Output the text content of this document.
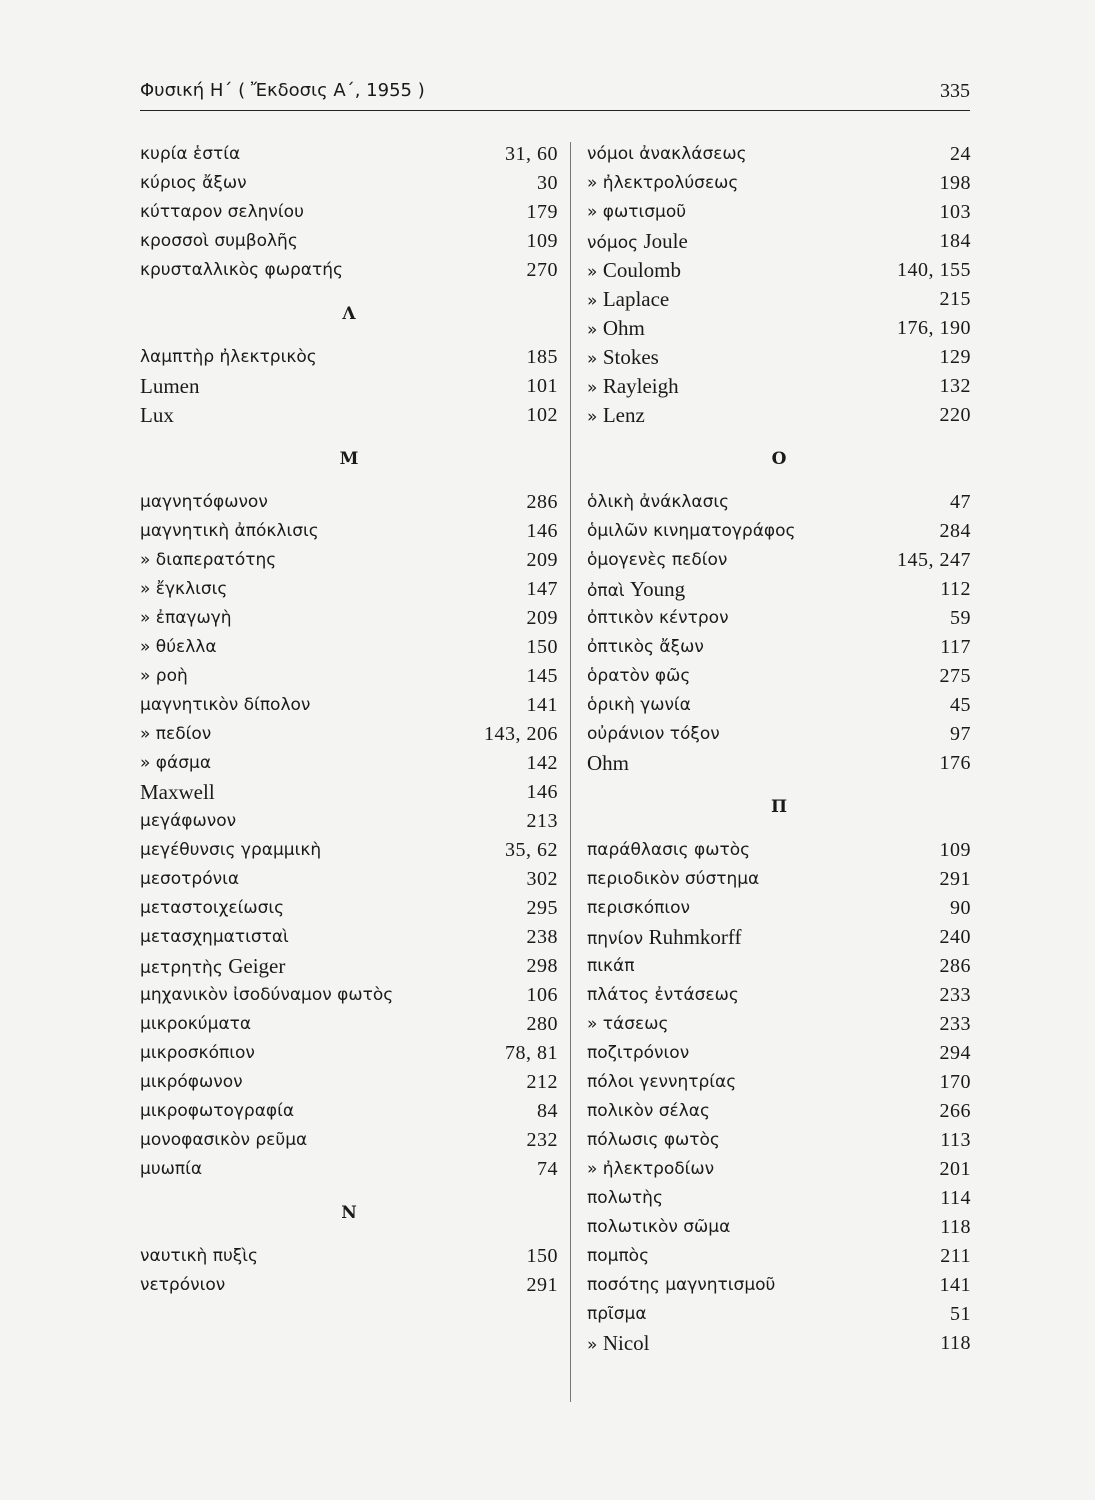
Φυσική Η΄ ( Ἔκδοσις Α΄, 1955 )	335
κυρία ἑστία	31, 60
κύριος ἄξων	30
κύτταρον σεληνίου	179
κροσσοὶ συμβολῆς	109
κρυσταλλικὸς φωρατής	270
Λ
λαμπτὴρ ἠλεκτρικὸς	185
Lumen	101
Lux	102
Μ
μαγνητόφωνον	286
μαγνητικὴ ἀπόκλισις	146
» διαπερατότης	209
» ἔγκλισις	147
» ἐπαγωγὴ	209
» θύελλα	150
» ροὴ	145
μαγνητικὸν δίπολον	141
» πεδίον	143, 206
» φάσμα	142
Maxwell	146
μεγάφωνον	213
μεγέθυνσις γραμμικὴ	35, 62
μεσοτρόνια	302
μεταστοιχείωσις	295
μετασχηματισταὶ	238
μετρητὴς Geiger	298
μηχανικὸν ἰσοδύναμον φωτὸς	106
μικροκύματα	280
μικροσκόπιον	78, 81
μικρόφωνον	212
μικροφωτογραφία	84
μονοφασικὸν ρεῦμα	232
μυωπία	74
Ν
ναυτικὴ πυξὶς	150
νετρόνιον	291
νόμοι ἀνακλάσεως	24
» ἠλεκτρολύσεως	198
» φωτισμοῦ	103
νόμος Joule	184
» Coulomb	140, 155
» Laplace	215
» Ohm	176, 190
» Stokes	129
» Rayleigh	132
» Lenz	220
Ο
ὁλικὴ ἀνάκλασις	47
ὁμιλῶν κινηματογράφος	284
ὁμογενὲς πεδίον	145, 247
ὀπαὶ Young	112
ὀπτικὸν κέντρον	59
ὀπτικὸς ἄξων	117
ὁρατὸν φῶς	275
ὁρικὴ γωνία	45
οὐράνιον τόξον	97
Ohm	176
Π
παράθλασις φωτὸς	109
περιοδικὸν σύστημα	291
περισκόπιον	90
πηνίον Ruhmkorff	240
πικάπ	286
πλάτος ἐντάσεως	233
» τάσεως	233
ποζιτρόνιον	294
πόλοι γεννητρίας	170
πολικὸν σέλας	266
πόλωσις φωτὸς	113
» ἠλεκτροδίων	201
πολωτὴς	114
πολωτικὸν σῶμα	118
πομπὸς	211
ποσότης μαγνητισμοῦ	141
πρῖσμα	51
» Nicol	118
